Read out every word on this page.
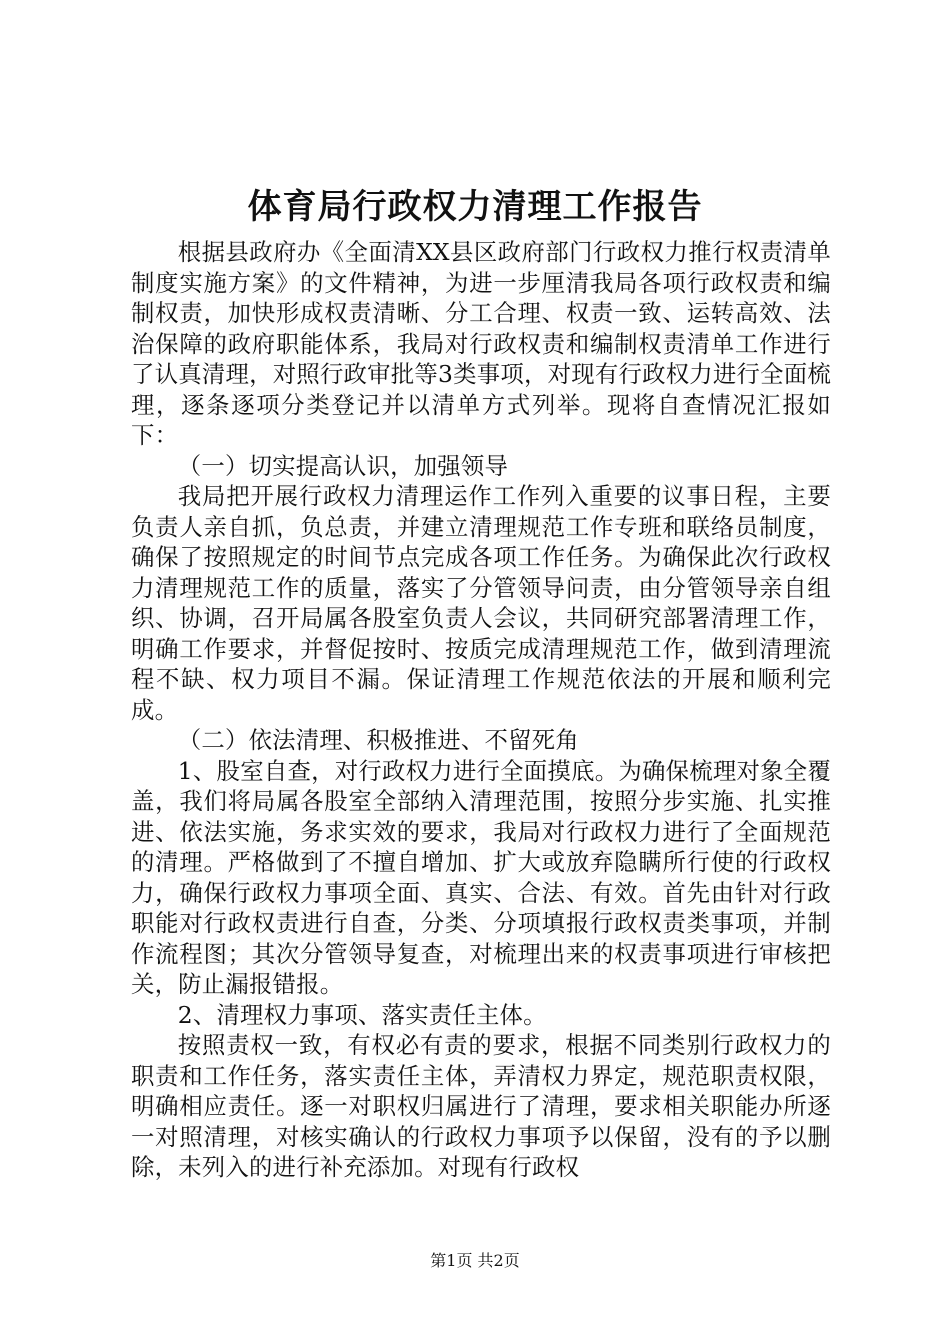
体育局行政权力清理工作报告

根据县政府办《全面清XX县区政府部门行政权力推行权责清单制度实施方案》的文件精神，为进一步厘清我局各项行政权责和编制权责，加快形成权责清晰、分工合理、权责一致、运转高效、法治保障的政府职能体系，我局对行政权责和编制权责清单工作进行了认真清理，对照行政审批等3类事项，对现有行政权力进行全面梳理，逐条逐项分类登记并以清单方式列举。现将自查情况汇报如下：

（一）切实提高认识，加强领导

我局把开展行政权力清理运作工作列入重要的议事日程，主要负责人亲自抓，负总责，并建立清理规范工作专班和联络员制度，确保了按照规定的时间节点完成各项工作任务。为确保此次行政权力清理规范工作的质量，落实了分管领导问责，由分管领导亲自组织、协调，召开局属各股室负责人会议，共同研究部署清理工作，明确工作要求，并督促按时、按质完成清理规范工作，做到清理流程不缺、权力项目不漏。保证清理工作规范依法的开展和顺利完成。

（二）依法清理、积极推进、不留死角

1、股室自查，对行政权力进行全面摸底。为确保梳理对象全覆盖，我们将局属各股室全部纳入清理范围，按照分步实施、扎实推进、依法实施，务求实效的要求，我局对行政权力进行了全面规范的清理。严格做到了不擅自增加、扩大或放弃隐瞒所行使的行政权力，确保行政权力事项全面、真实、合法、有效。首先由针对行政职能对行政权责进行自查，分类、分项填报行政权责类事项，并制作流程图；其次分管领导复查，对梳理出来的权责事项进行审核把关，防止漏报错报。

2、清理权力事项、落实责任主体。

按照责权一致，有权必有责的要求，根据不同类别行政权力的职责和工作任务，落实责任主体，弄清权力界定，规范职责权限，明确相应责任。逐一对职权归属进行了清理，要求相关职能办所逐一对照清理，对核实确认的行政权力事项予以保留，没有的予以删除，未列入的进行补充添加。对现有行政权

第1页 共2页
